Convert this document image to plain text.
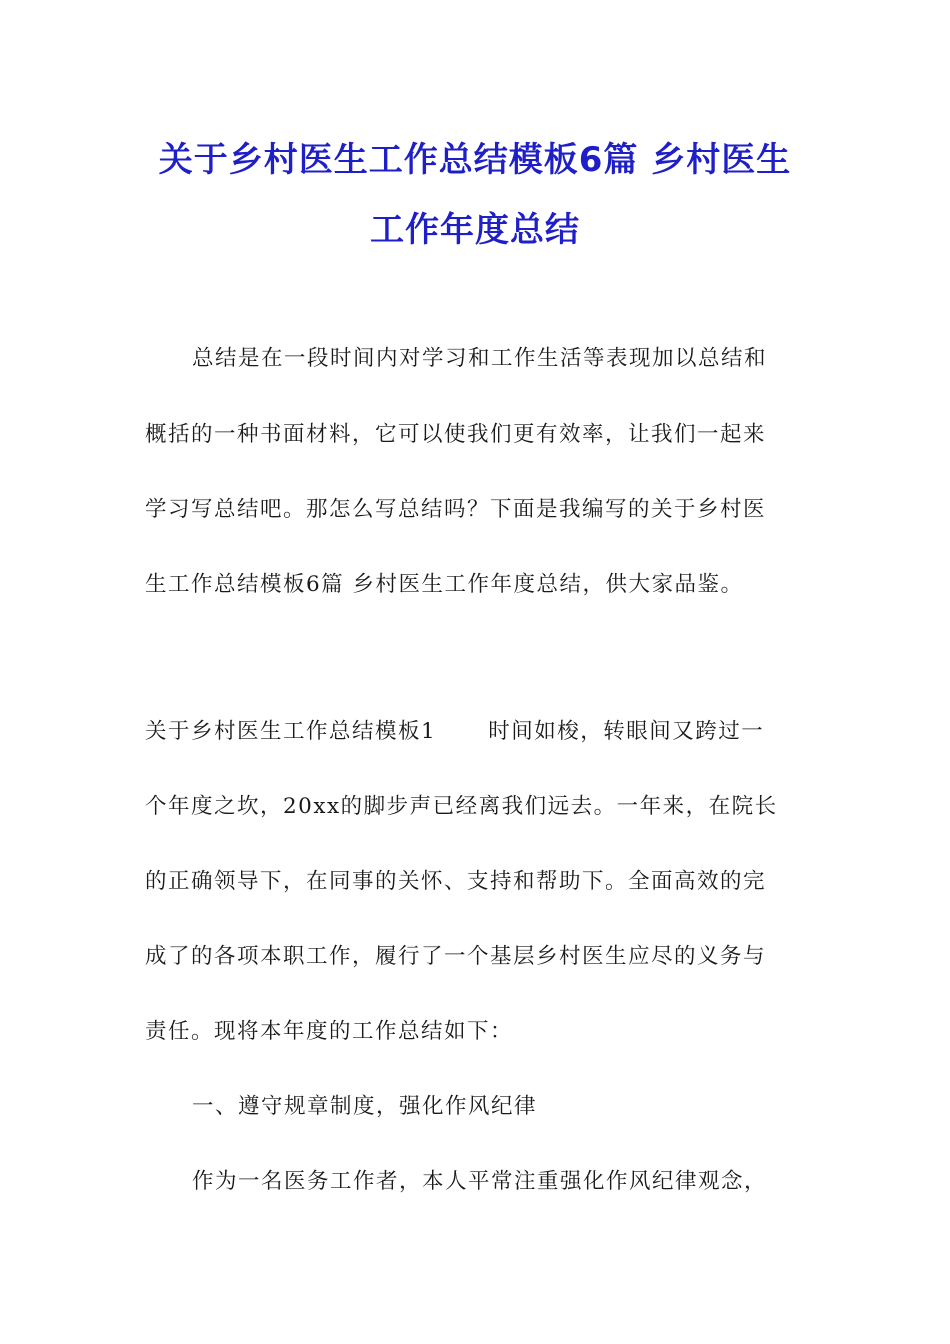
关于乡村医生工作总结模板6篇 乡村医生
工作年度总结
总结是在一段时间内对学习和工作生活等表现加以总结和
概括的一种书面材料，它可以使我们更有效率，让我们一起来
学习写总结吧。那怎么写总结吗？下面是我编写的关于乡村医
生工作总结模板6篇 乡村医生工作年度总结，供大家品鉴。
关于乡村医生工作总结模板1 时间如梭，转眼间又跨过一
个年度之坎，20xx的脚步声已经离我们远去。一年来，在院长
的正确领导下，在同事的关怀、支持和帮助下。全面高效的完
成了的各项本职工作，履行了一个基层乡村医生应尽的义务与
责任。现将本年度的工作总结如下：
一、遵守规章制度，强化作风纪律
作为一名医务工作者，本人平常注重强化作风纪律观念，
